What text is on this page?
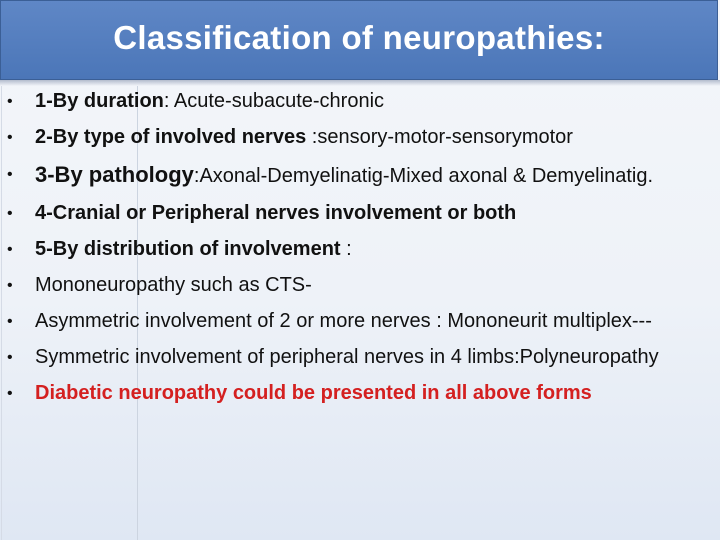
Classification of neuropathies:
• 1-By duration: Acute-subacute-chronic
• 2-By type of involved nerves :sensory-motor-sensorymotor
• 3-By pathology:Axonal-Demyelinatig-Mixed axonal & Demyelinatig.
• 4-Cranial or Peripheral nerves involvement or both
• 5-By distribution of involvement :
• Mononeuropathy such as CTS-
• Asymmetric involvement of 2 or more nerves : Mononeurit multiplex---
• Symmetric involvement of peripheral nerves in 4 limbs:Polyneuropathy
• Diabetic neuropathy could be presented in all above forms
